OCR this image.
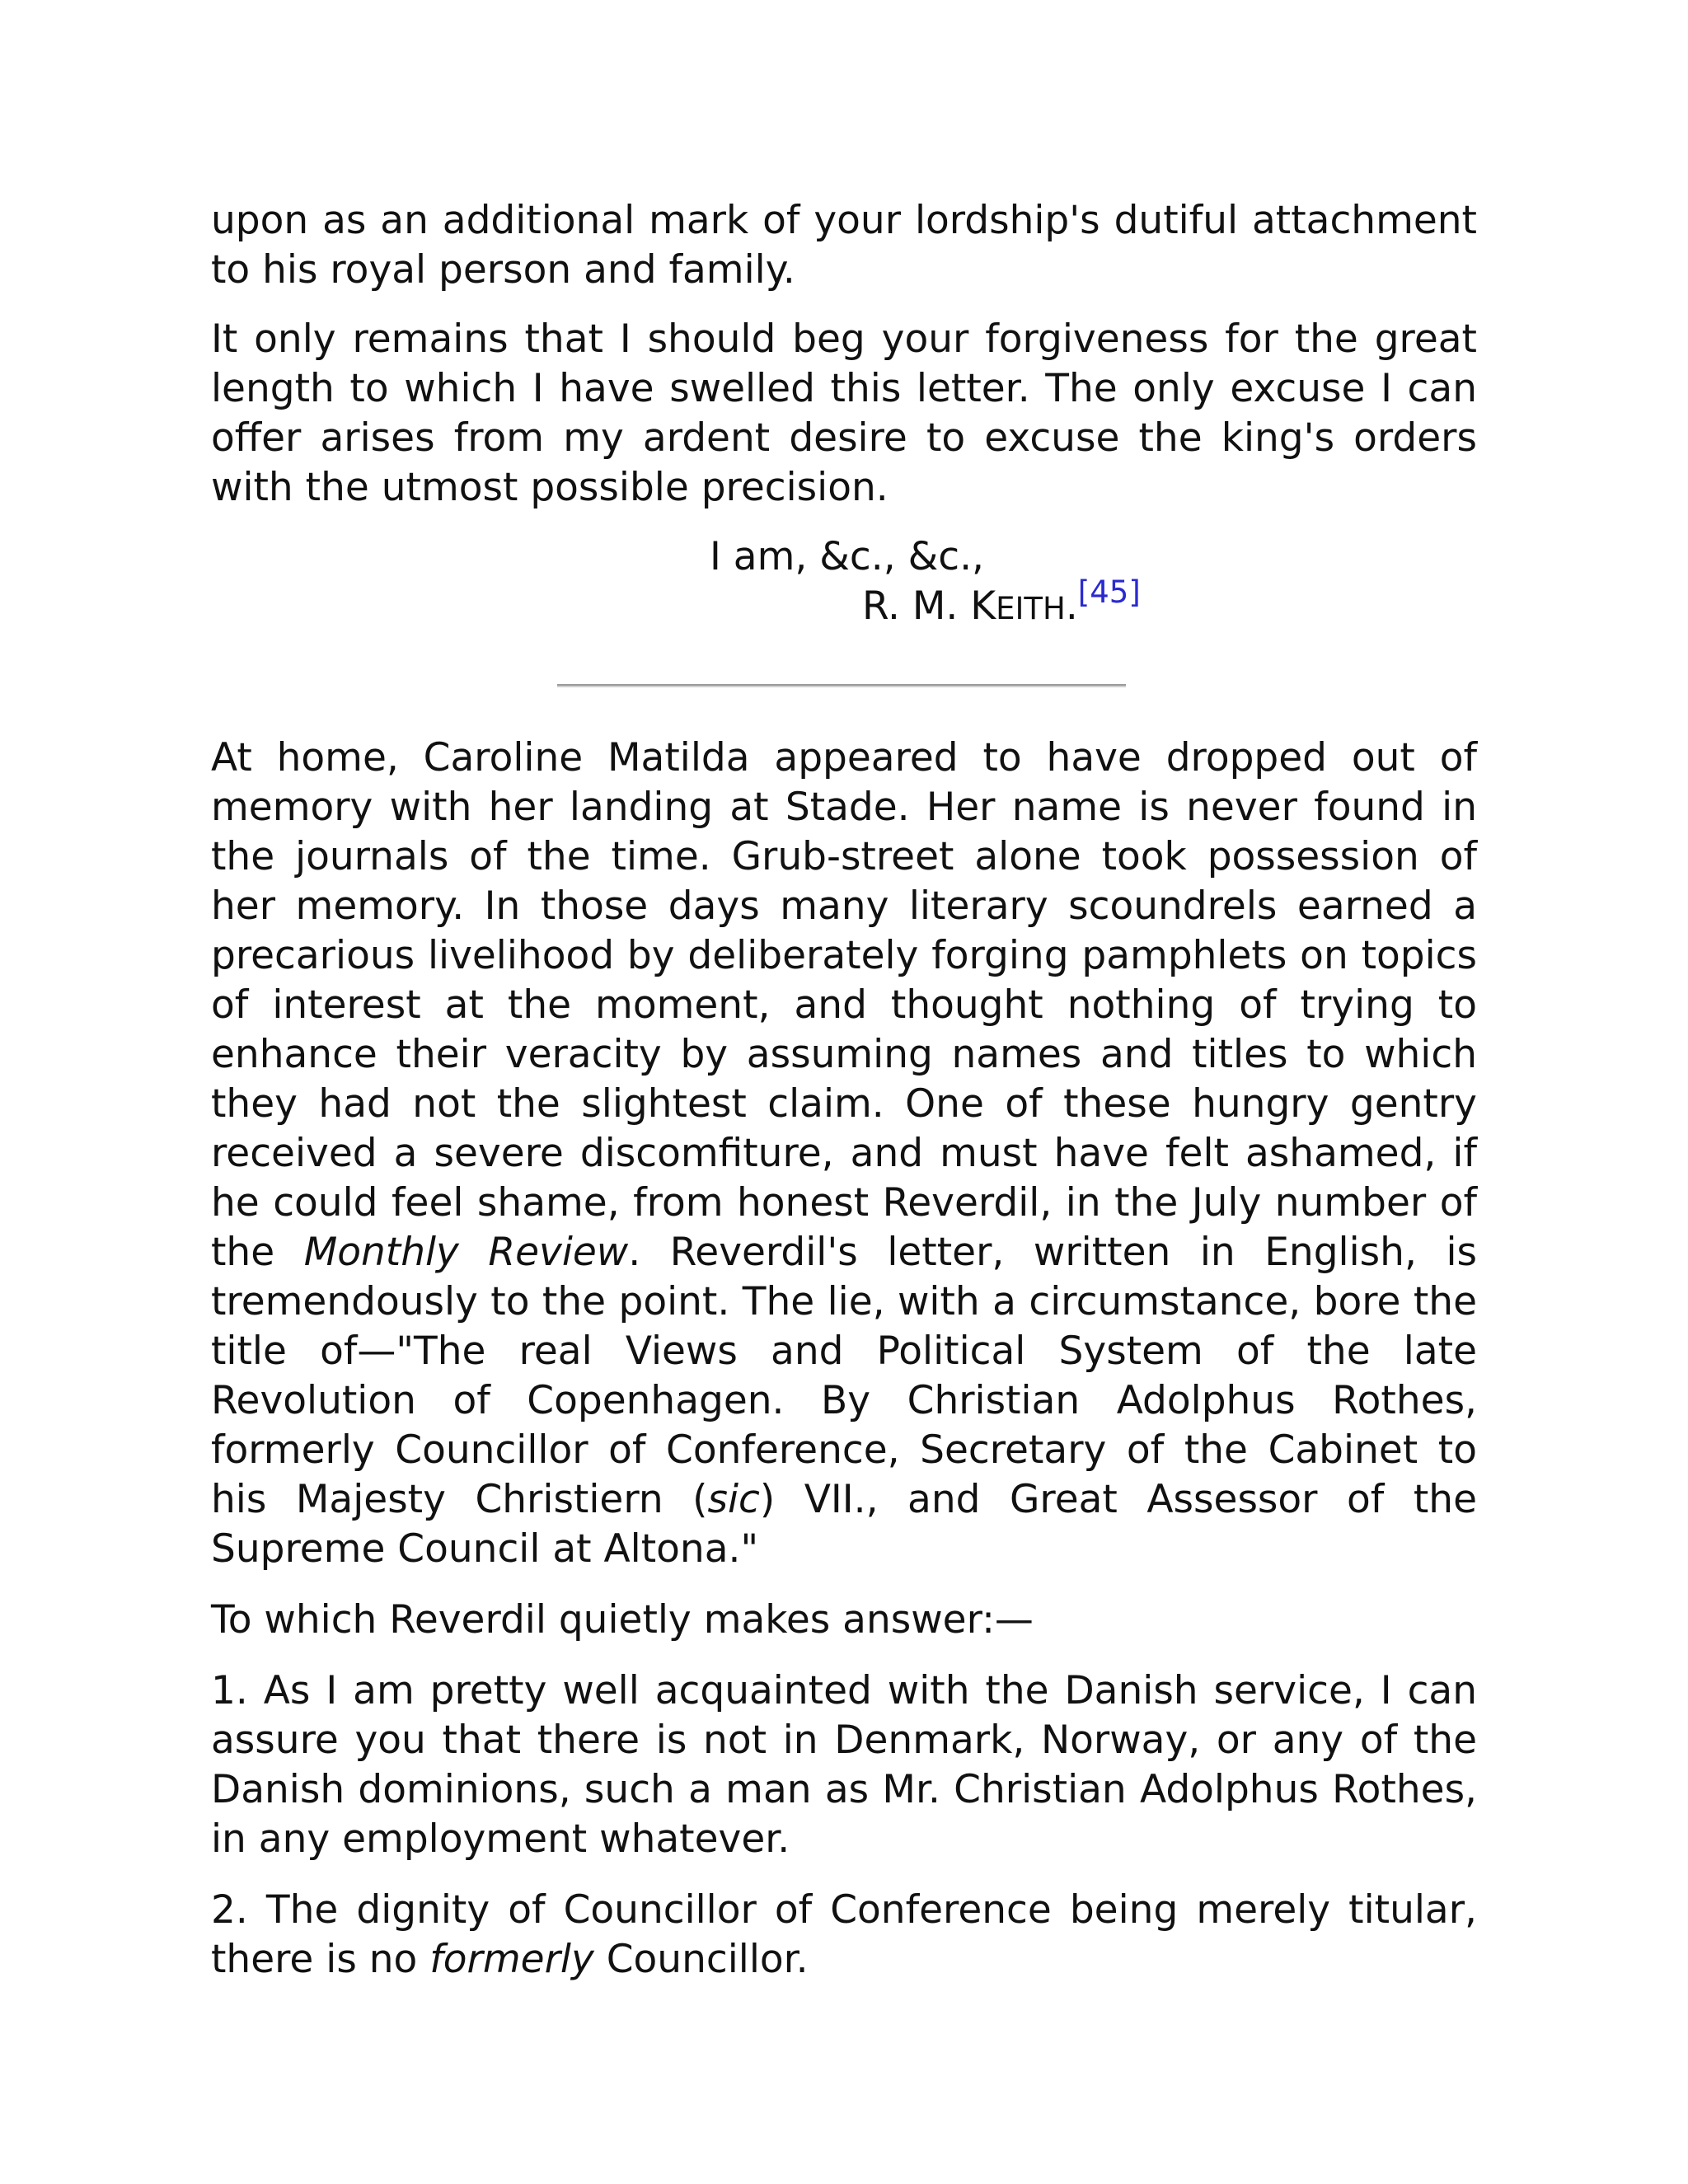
upon as an additional mark of your lordship's dutiful attachment to his royal person and family.

It only remains that I should beg your forgiveness for the great length to which I have swelled this letter. The only excuse I can offer arises from my ardent desire to excuse the king's orders with the utmost possible precision.

I am, &c., &c.,
R. M. KEITH.[45]

At home, Caroline Matilda appeared to have dropped out of memory with her landing at Stade. Her name is never found in the journals of the time. Grub-street alone took possession of her memory. In those days many literary scoundrels earned a precarious livelihood by deliberately forging pamphlets on topics of interest at the moment, and thought nothing of trying to enhance their veracity by assuming names and titles to which they had not the slightest claim. One of these hungry gentry received a severe discomfiture, and must have felt ashamed, if he could feel shame, from honest Reverdil, in the July number of the Monthly Review. Reverdil's letter, written in English, is tremendously to the point. The lie, with a circumstance, bore the title of—"The real Views and Political System of the late Revolution of Copenhagen. By Christian Adolphus Rothes, formerly Councillor of Conference, Secretary of the Cabinet to his Majesty Christiern (sic) VII., and Great Assessor of the Supreme Council at Altona."

To which Reverdil quietly makes answer:—

1. As I am pretty well acquainted with the Danish service, I can assure you that there is not in Denmark, Norway, or any of the Danish dominions, such a man as Mr. Christian Adolphus Rothes, in any employment whatever.

2. The dignity of Councillor of Conference being merely titular, there is no formerly Councillor.
